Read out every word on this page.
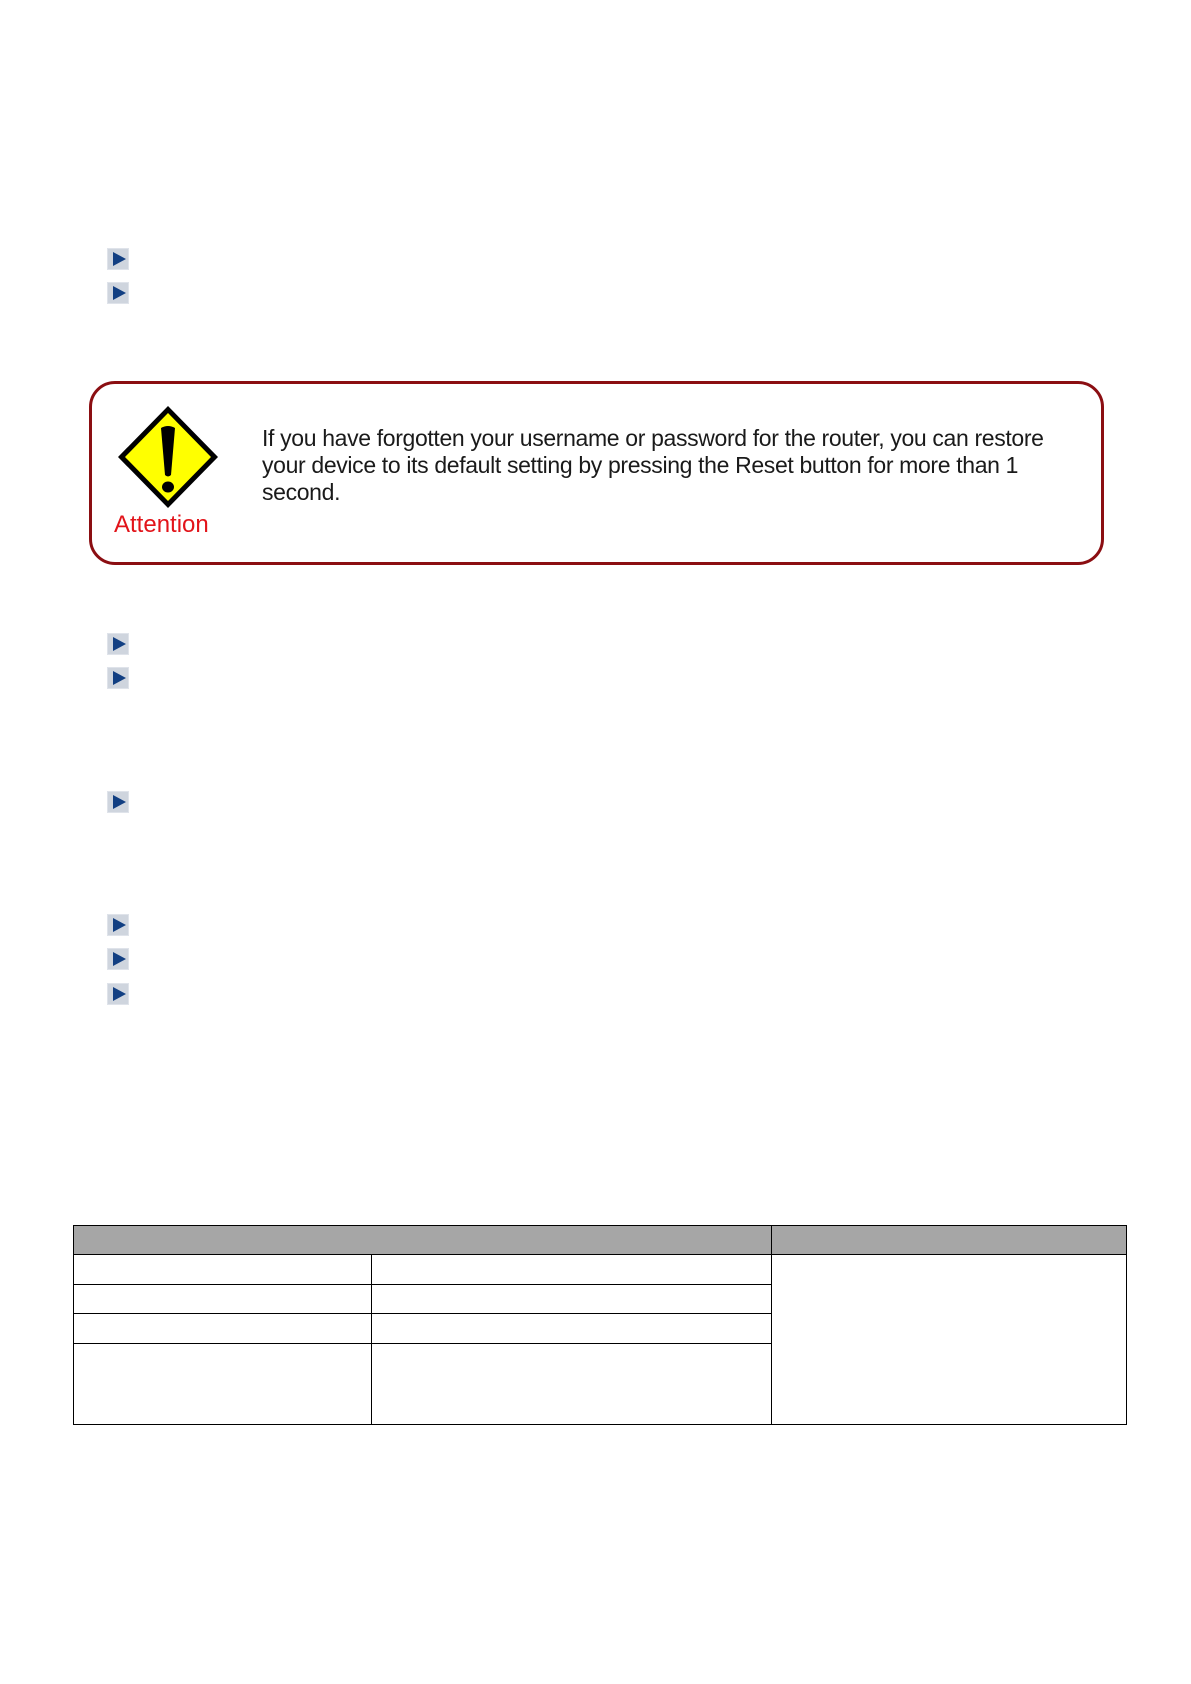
Attention

If you have forgotten your username or password for the router, you can restore your device to its default setting by pressing the Reset button for more than 1 second.
